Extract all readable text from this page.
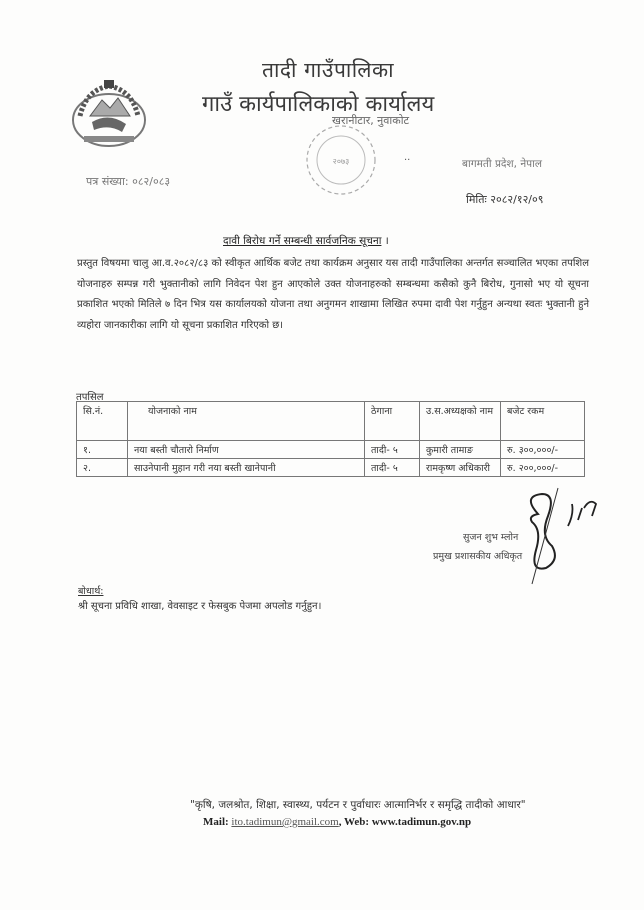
तादी गाउँपालिका
गाउँ कार्यपालिकाको कार्यालय
२०७३
खरानीटार, नुवाकोट
..
बागमती प्रदेश, नेपाल
पत्र संख्या: ०८२/०८३
मितिः २०८२/१२/०९
दावी बिरोध गर्ने सम्बन्धी सार्वजनिक सूचना ।
प्रस्तुत विषयमा चालु आ.व.२०८२/८३ को स्वीकृत आर्थिक बजेट तथा कार्यक्रम अनुसार यस तादी गाउँपालिका अन्तर्गत सञ्चालित भएका तपशिल योजनाहरु सम्पन्न गरी भुक्तानीको लागि निवेदन पेश हुन आएकोले उक्त योजनाहरुको सम्बन्धमा कसैको कुनै बिरोध, गुनासो भए यो सूचना प्रकाशित भएको मितिले ७ दिन भित्र यस कार्यालयको योजना तथा अनुगमन शाखामा लिखित रुपमा दावी पेश गर्नुहुन अन्यथा स्वतः भुक्तानी हुने व्यहोरा जानकारीका लागि यो सूचना प्रकाशित गरिएको छ।
तपसिल
सि.नं.	योजनाको नाम	ठेगाना	उ.स.अध्यक्षको नाम	बजेट रकम
१.	नया बस्ती चौतारो निर्माण	तादी- ५	कुमारी तामाङ	रु. ३००,०००/-
२.	साउनेपानी मुहान गरी नया बस्ती खानेपानी	तादी- ५	रामकृष्ण अधिकारी	रु. २००,०००/-
सुजन शुभ म्लोन
प्रमुख प्रशासकीय अधिकृत
बोधार्थ:
श्री सूचना प्रविधि शाखा, वेवसाइट र फेसबुक पेजमा अपलोड गर्नुहुन।
"कृषि, जलश्रोत, शिक्षा, स्वास्थ्य, पर्यटन र पुर्वाधारः आत्मानिर्भर र समृद्धि तादीको आधार"
Mail: ito.tadimun@gmail.com, Web: www.tadimun.gov.np
